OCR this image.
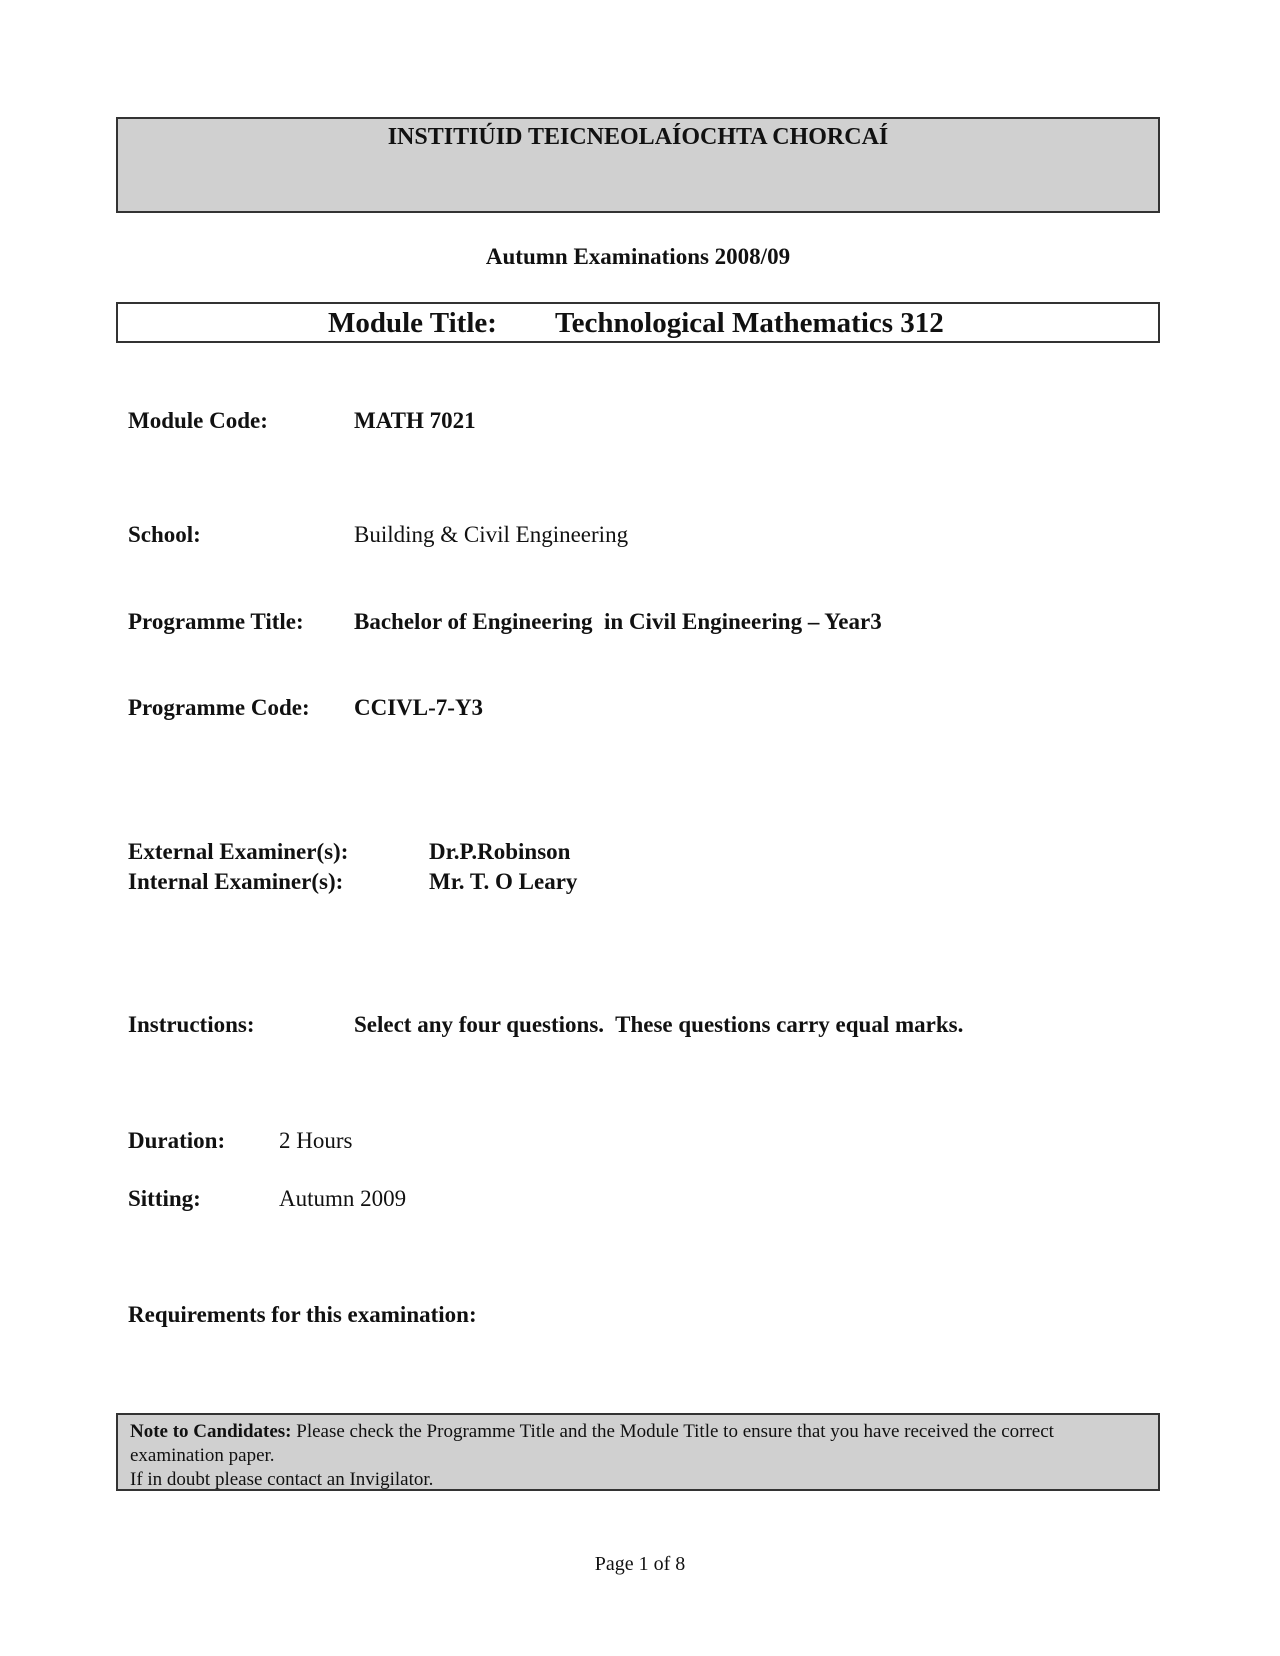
INSTITIÚID TEICNEOLAÍOCHTA CHORCAÍ
Autumn Examinations 2008/09
Module Title: Technological Mathematics 312
Module Code:	MATH 7021
School:	Building & Civil Engineering
Programme Title: Bachelor of Engineering  in Civil Engineering – Year3
Programme Code: CCIVL-7-Y3
External Examiner(s):	Dr.P.Robinson
Internal Examiner(s):	Mr. T. O Leary
Instructions:	Select any four questions.  These questions carry equal marks.
Duration: 2 Hours
Sitting:	Autumn 2009
Requirements for this examination:
Note to Candidates: Please check the Programme Title and the Module Title to ensure that you have received the correct examination paper.
If in doubt please contact an Invigilator.
Page 1 of 8
